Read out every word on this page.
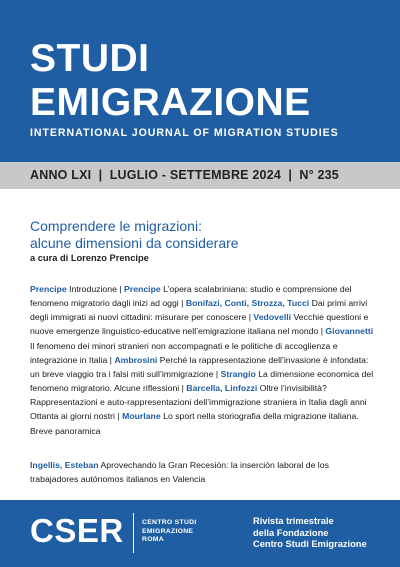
STUDI
EMIGRAZIONE
INTERNATIONAL JOURNAL OF MIGRATION STUDIES
ANNO LXI  |  LUGLIO - SETTEMBRE 2024  |  N° 235
Comprendere le migrazioni:
alcune dimensioni da considerare
a cura di Lorenzo Prencipe
Prencipe Introduzione | Prencipe L’opera scalabriniana: studio e comprensione del fenomeno migratorio dagli inizi ad oggi | Bonifazi, Conti, Strozza, Tucci Dai primi arrivi degli immigrati ai nuovi cittadini: misurare per conoscere | Vedovelli Vecchie questioni e nuove emergenze linguistico-educative nell’emigrazione italiana nel mondo | Giovannetti Il fenomeno dei minori stranieri non accompagnati e le politiche di accoglienza e integrazione in Italia | Ambrosini Perché la rappresentazione dell’invasione è infondata: un breve viaggio tra i falsi miti sull’immigrazione | Strangio La dimensione economica del fenomeno migratorio. Alcune riflessioni | Barcella, Linfozzi Oltre l’invisibilità? Rappresentazioni e auto-rappresentazioni dell’immigrazione straniera in Italia dagli anni Ottanta ai giorni nostri | Mourlane Lo sport nella storiografia della migrazione italiana. Breve panoramica
Ingellis, Esteban Aprovechando la Gran Recesión: la inserción laboral de los trabajadores autónomos italianos en Valencia
CSER	CENTRO STUDI
EMIGRAZIONE
ROMA
Rivista trimestrale
della Fondazione
Centro Studi Emigrazione
